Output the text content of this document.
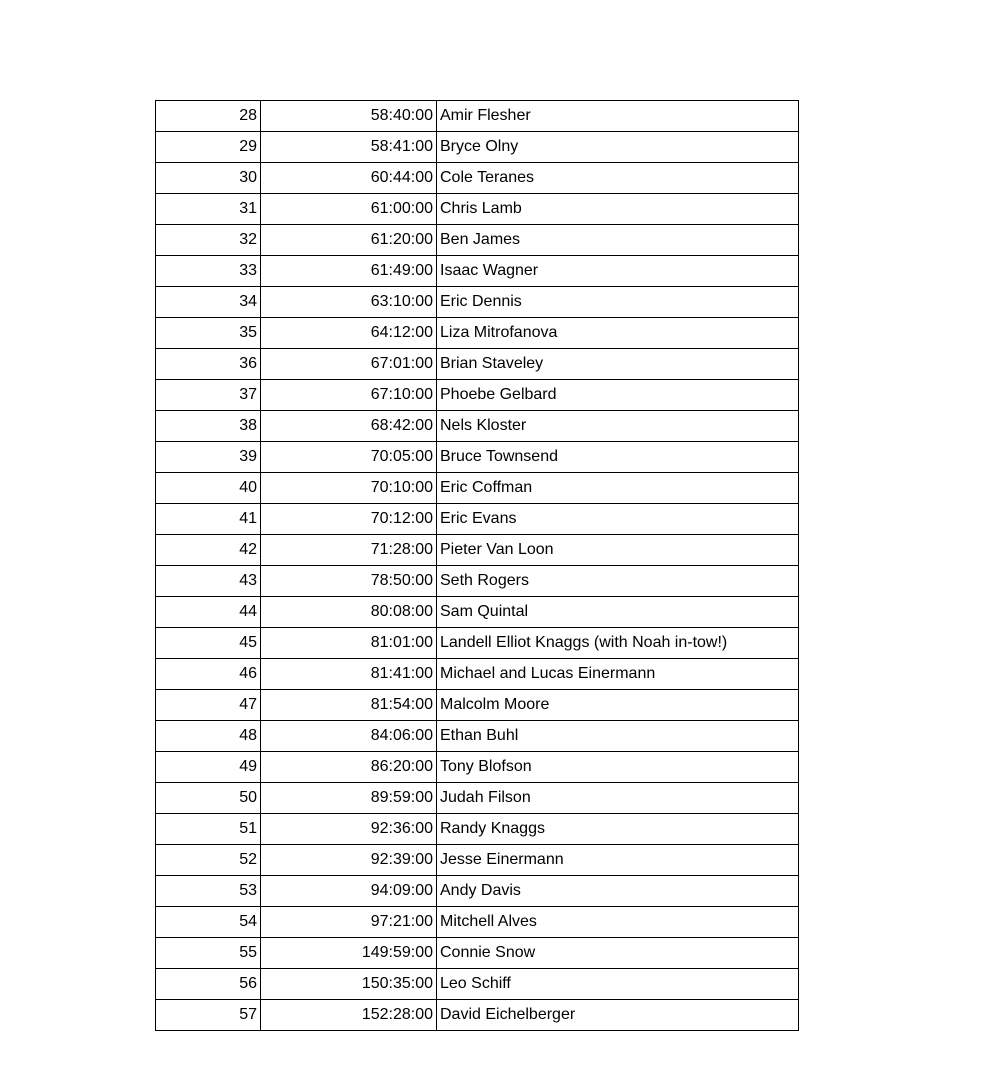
28	58:40:00	Amir Flesher
29	58:41:00	Bryce Olny
30	60:44:00	Cole Teranes
31	61:00:00	Chris Lamb
32	61:20:00	Ben James
33	61:49:00	Isaac Wagner
34	63:10:00	Eric Dennis
35	64:12:00	Liza Mitrofanova
36	67:01:00	Brian Staveley
37	67:10:00	Phoebe Gelbard
38	68:42:00	Nels Kloster
39	70:05:00	Bruce Townsend
40	70:10:00	Eric Coffman
41	70:12:00	Eric Evans
42	71:28:00	Pieter Van Loon
43	78:50:00	Seth Rogers
44	80:08:00	Sam Quintal
45	81:01:00	Landell Elliot Knaggs (with Noah in-tow!)
46	81:41:00	Michael and Lucas Einermann
47	81:54:00	Malcolm Moore
48	84:06:00	Ethan Buhl
49	86:20:00	Tony Blofson
50	89:59:00	Judah Filson
51	92:36:00	Randy Knaggs
52	92:39:00	Jesse Einermann
53	94:09:00	Andy Davis
54	97:21:00	Mitchell Alves
55	149:59:00	Connie Snow
56	150:35:00	Leo Schiff
57	152:28:00	David Eichelberger
